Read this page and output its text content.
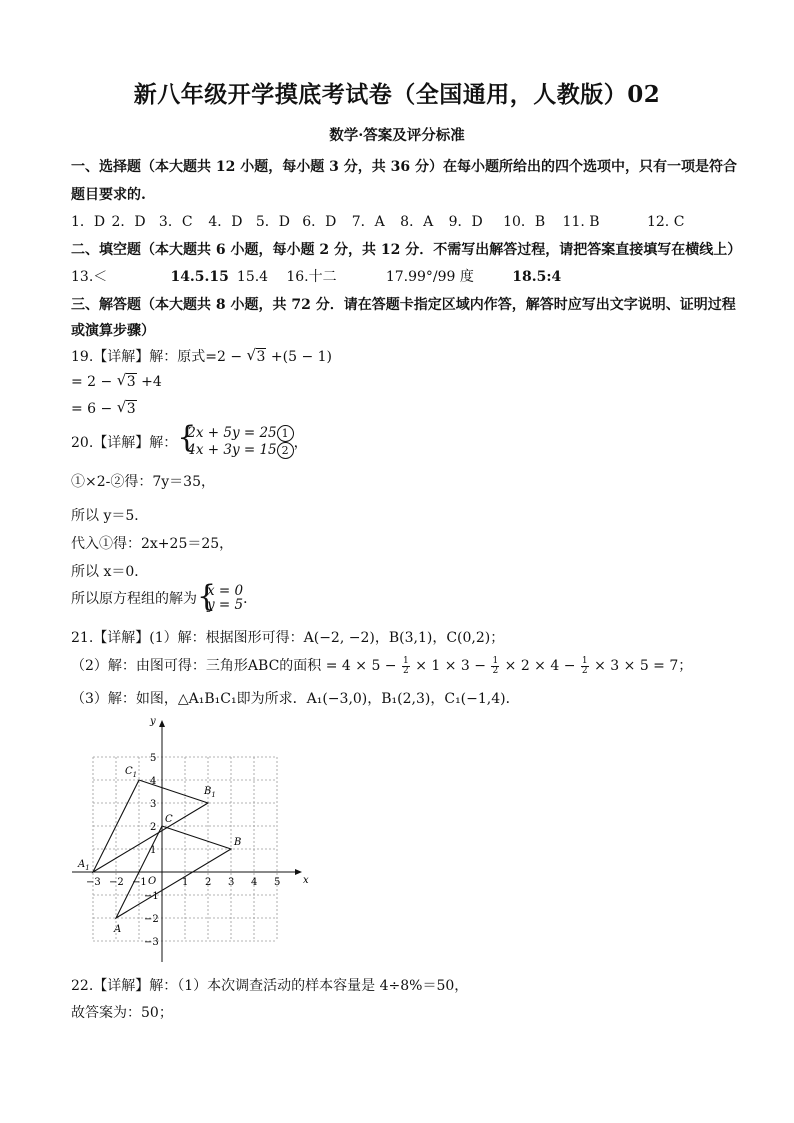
新八年级开学摸底考试卷（全国通用，人教版）02
数学·答案及评分标准
一、选择题（本大题共 12 小题，每小题 3 分，共 36 分）在每小题所给出的四个选项中，只有一项是符合
题目要求的.
1．D 2．D 3．C 4．D 5．D 6．D 7．A 8．A 9．D 10．B 11. B	12. C
二、填空题（本大题共 6 小题，每小题 2 分，共 12 分．不需写出解答过程，请把答案直接填写在横线上）
13.＜	14.5.15 15.4 16.十二	17.99°/99 度	18.5:4
三、解答题（本大题共 8 小题，共 72 分．请在答题卡指定区域内作答，解答时应写出文字说明、证明过程
或演算步骤）
19.【详解】解：原式=2 − √ 3 +(5 − 1)
= 2 − √ 3 +4
= 6 − √ 3
20.【详解】解： {
2x + 5y = 25 1
4x + 3y = 15 2 ，
①×2-②得：7y＝35，
所以 y＝5．
代入①得：2x+25＝25，
所以 x＝0．
所以原方程组的解为 {
x = 0
y = 5 ．
21.【详解】(1）解：根据图形可得：A(−2, −2)，B(3,1)，C(0,2)；
（2）解：由图可得：三角形ABC的面积 = $4 \times 5 - \frac{1}{2} \times 1 \times 3 - \frac{1}{2} \times 2 \times 4 - \frac{1}{2} \times 3 \times 5 = 7$；
（3）解：如图，△A₁B₁C₁即为所求．A₁(−3,0)，B₁(2,3)，C₁(−1,4)．
x
y
O
−3 −2 −1	1 2 3 4 5
5
4
3
2
1
−1
−2
−3
A
B
C
$A_1$
$B_1$
$C_1$
22.【详解】解：（1）本次调查活动的样本容量是 4÷8%＝50，
故答案为：50；
